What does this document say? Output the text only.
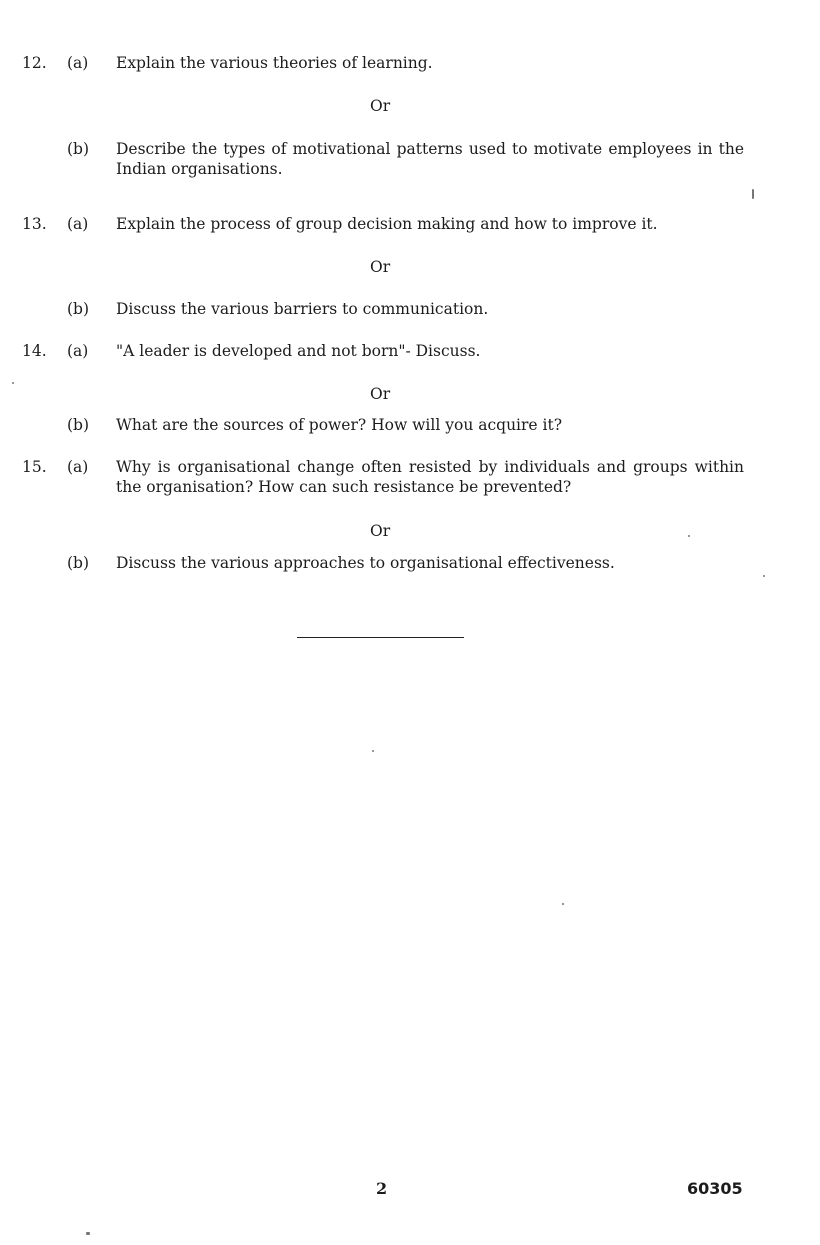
12. (a) Explain the various theories of learning.
Or
(b) Describe the types of motivational patterns used to motivate employees in the Indian organisations.
13. (a) Explain the process of group decision making and how to improve it.
Or
(b) Discuss the various barriers to communication.
14. (a) "A leader is developed and not born"- Discuss.
Or
(b) What are the sources of power? How will you acquire it?
15. (a) Why is organisational change often resisted by individuals and groups within the organisation? How can such resistance be prevented?
Or
(b) Discuss the various approaches to organisational effectiveness.
2	60305
